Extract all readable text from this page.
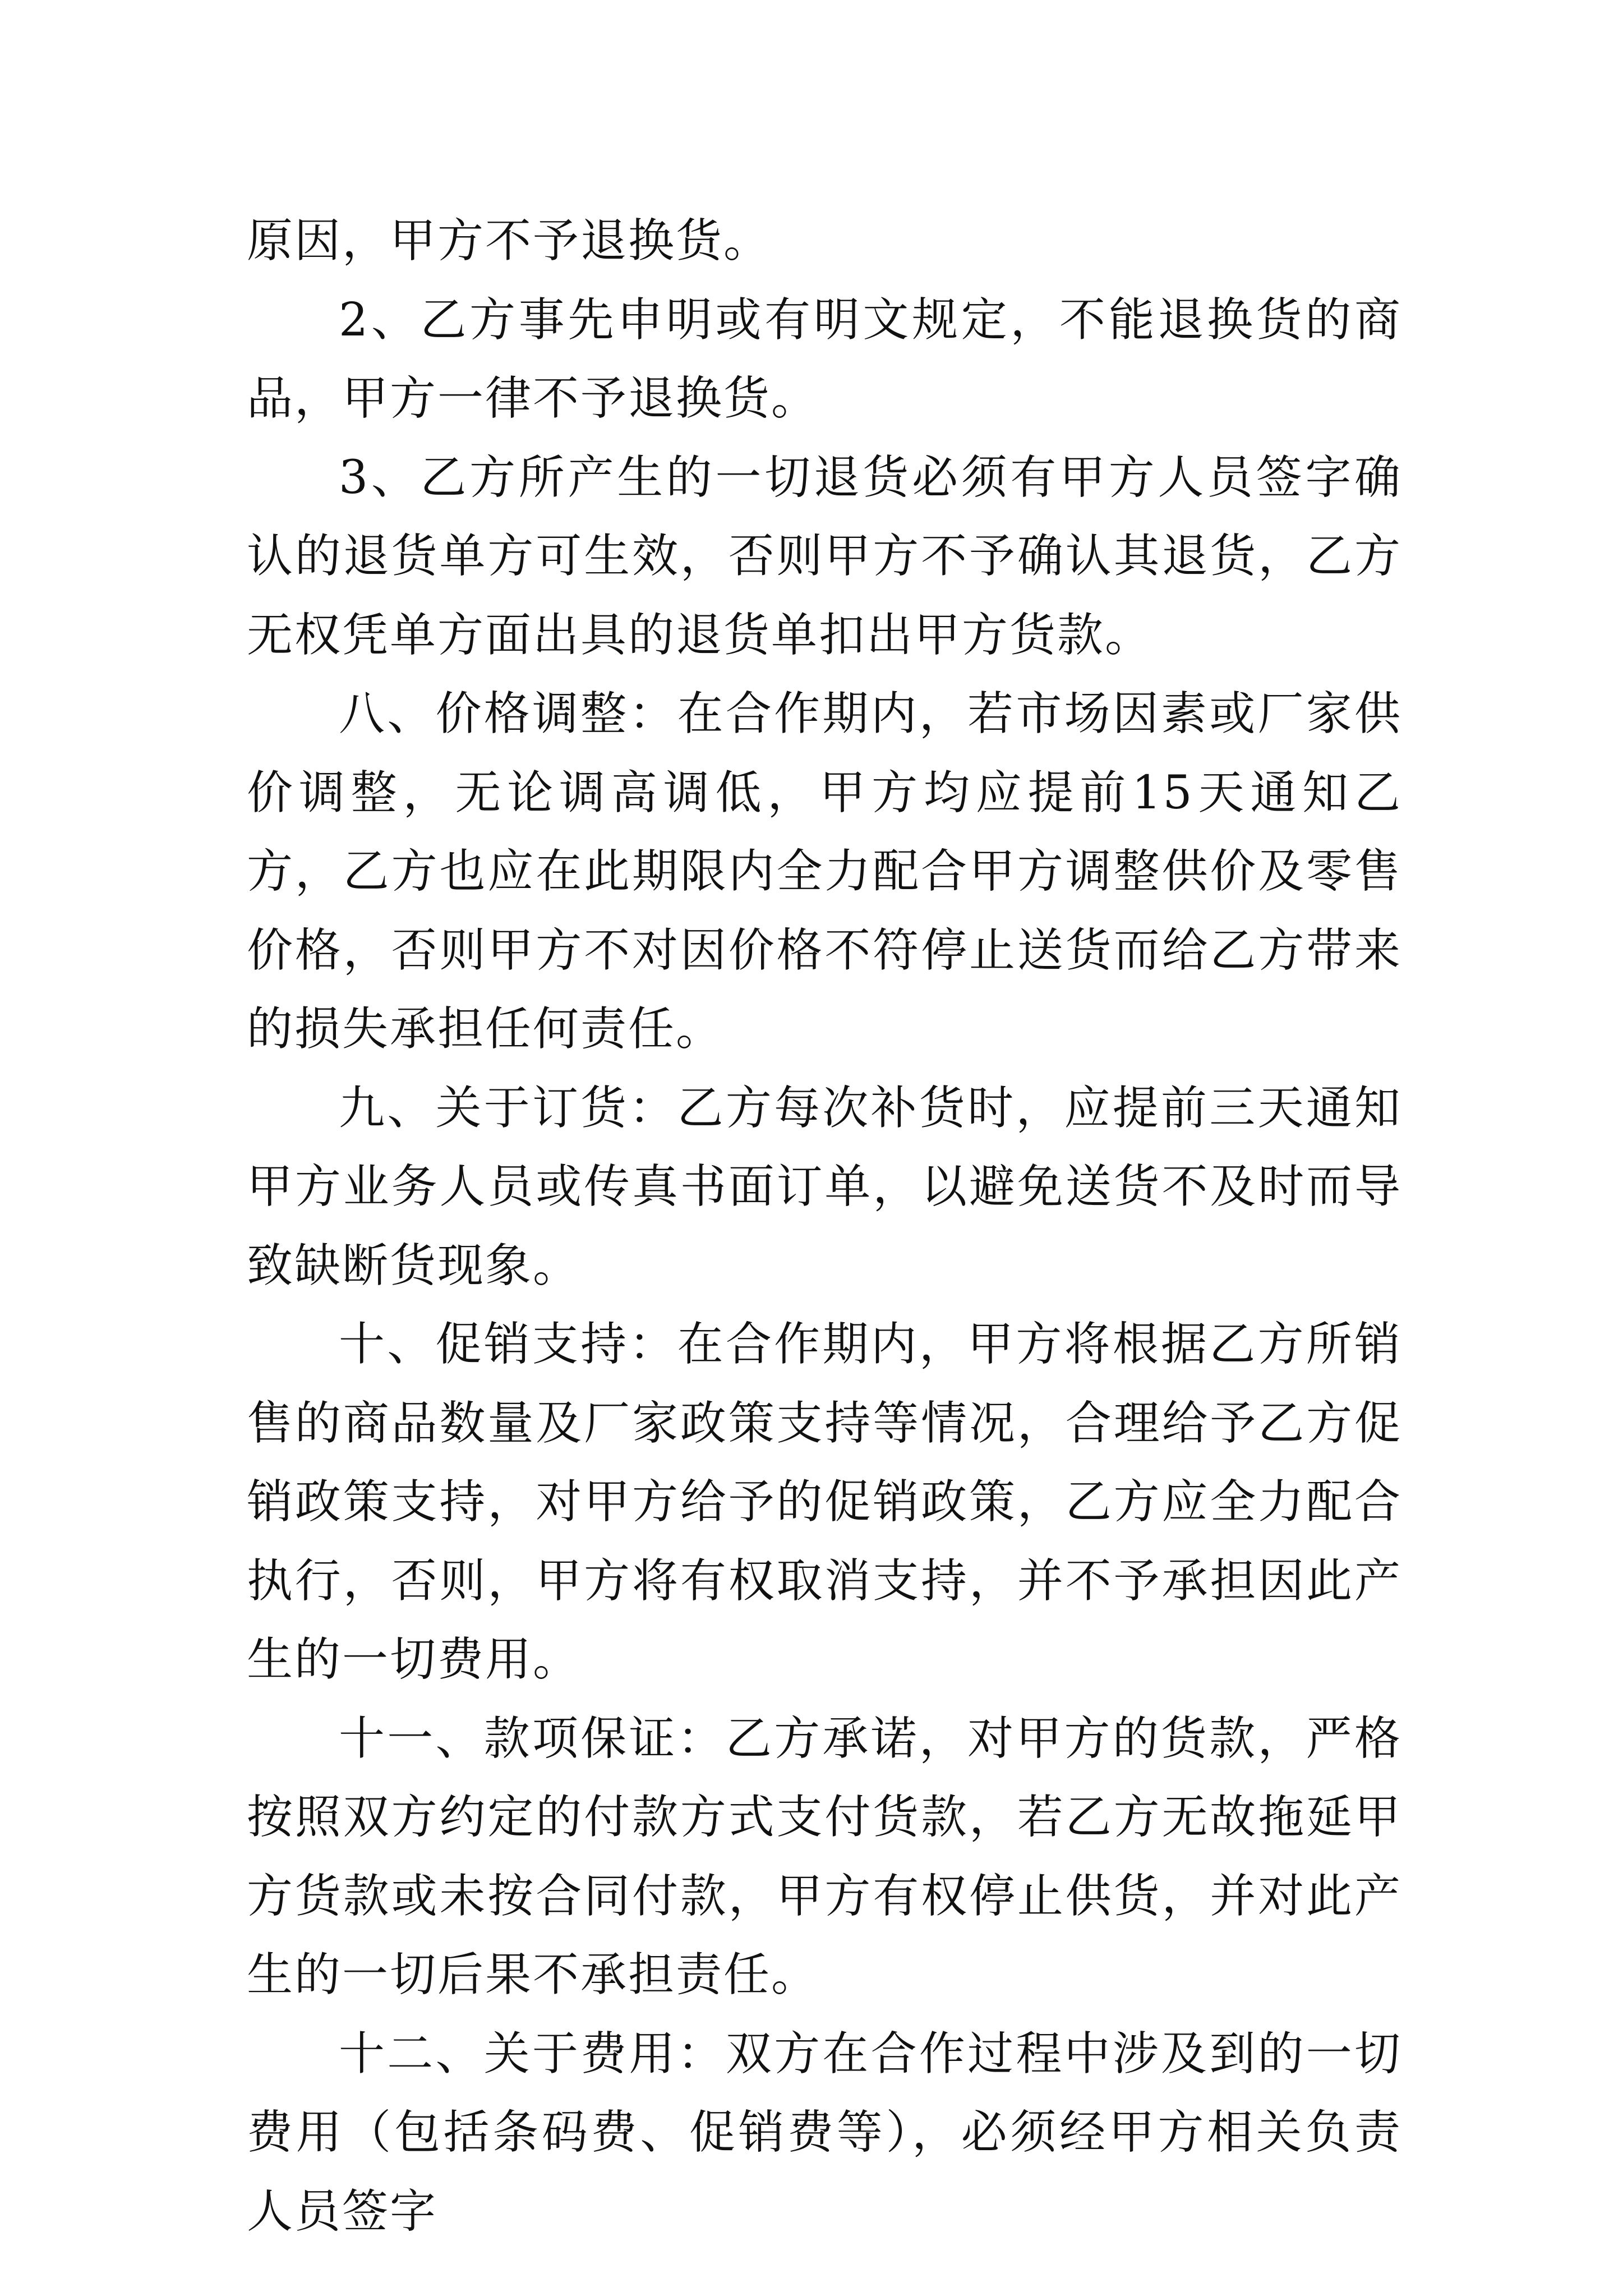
原因，甲方不予退换货。

2、乙方事先申明或有明文规定，不能退换货的商品，甲方一律不予退换货。

3、乙方所产生的一切退货必须有甲方人员签字确认的退货单方可生效，否则甲方不予确认其退货，乙方无权凭单方面出具的退货单扣出甲方货款。

八、价格调整：在合作期内，若市场因素或厂家供价调整，无论调高调低，甲方均应提前15天通知乙方，乙方也应在此期限内全力配合甲方调整供价及零售价格，否则甲方不对因价格不符停止送货而给乙方带来的损失承担任何责任。

九、关于订货：乙方每次补货时，应提前三天通知甲方业务人员或传真书面订单，以避免送货不及时而导致缺断货现象。

十、促销支持：在合作期内，甲方将根据乙方所销售的商品数量及厂家政策支持等情况，合理给予乙方促销政策支持，对甲方给予的促销政策，乙方应全力配合执行，否则，甲方将有权取消支持，并不予承担因此产生的一切费用。

十一、款项保证：乙方承诺，对甲方的货款，严格按照双方约定的付款方式支付货款，若乙方无故拖延甲方货款或未按合同付款，甲方有权停止供货，并对此产生的一切后果不承担责任。

十二、关于费用：双方在合作过程中涉及到的一切费用（包括条码费、促销费等），必须经甲方相关负责人员签字
